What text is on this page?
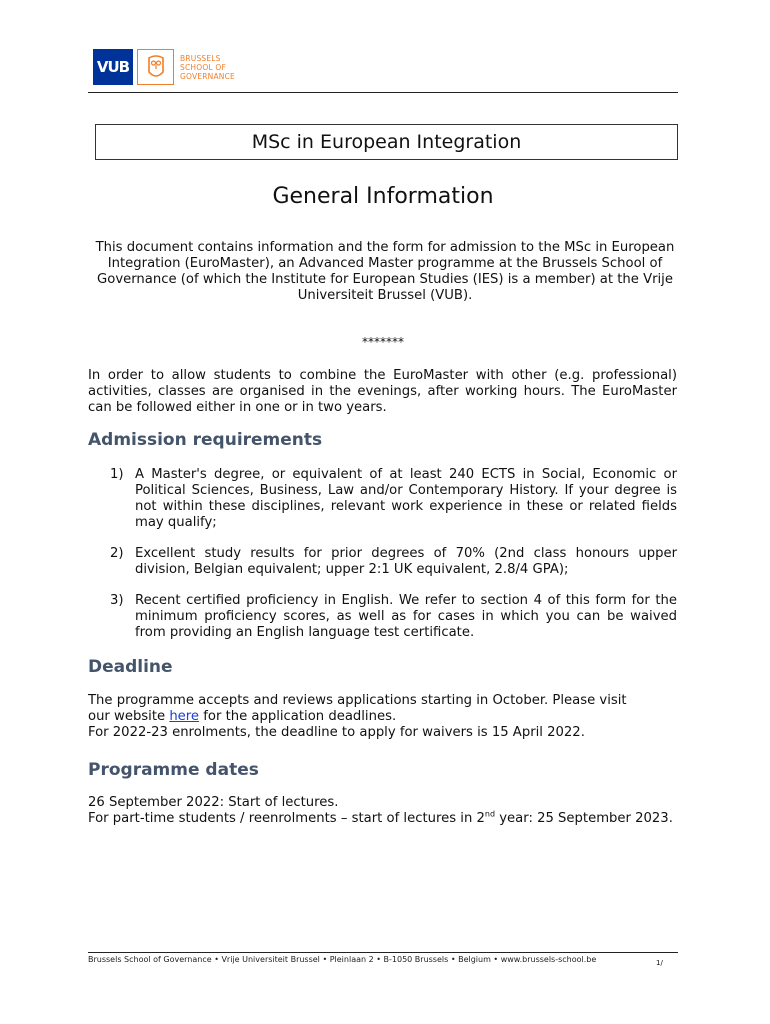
VUB	BRUSSELS
SCHOOL OF
GOVERNANCE
MSc in European Integration
General Information
This document contains information and the form for admission to the MSc in European Integration (EuroMaster), an Advanced Master programme at the Brussels School of Governance (of which the Institute for European Studies (IES) is a member) at the Vrije Universiteit Brussel (VUB).
*******
In order to allow students to combine the EuroMaster with other (e.g. professional) activities, classes are organised in the evenings, after working hours. The EuroMaster can be followed either in one or in two years.
Admission requirements
1) A Master's degree, or equivalent of at least 240 ECTS in Social, Economic or Political Sciences, Business, Law and/or Contemporary History. If your degree is not within these disciplines, relevant work experience in these or related fields may qualify;
2) Excellent study results for prior degrees of 70% (2nd class honours upper division, Belgian equivalent; upper 2:1 UK equivalent, 2.8/4 GPA);
3) Recent certified proficiency in English. We refer to section 4 of this form for the minimum proficiency scores, as well as for cases in which you can be waived from providing an English language test certificate.
Deadline
The programme accepts and reviews applications starting in October. Please visit
our website here for the application deadlines.
For 2022-23 enrolments, the deadline to apply for waivers is 15 April 2022.
Programme dates
26 September 2022: Start of lectures.
For part-time students / reenrolments – start of lectures in 2nd year: 25 September 2023.
Brussels School of Governance • Vrije Universiteit Brussel • Pleinlaan 2 • B-1050 Brussels • Belgium • www.brussels-school.be	1/
